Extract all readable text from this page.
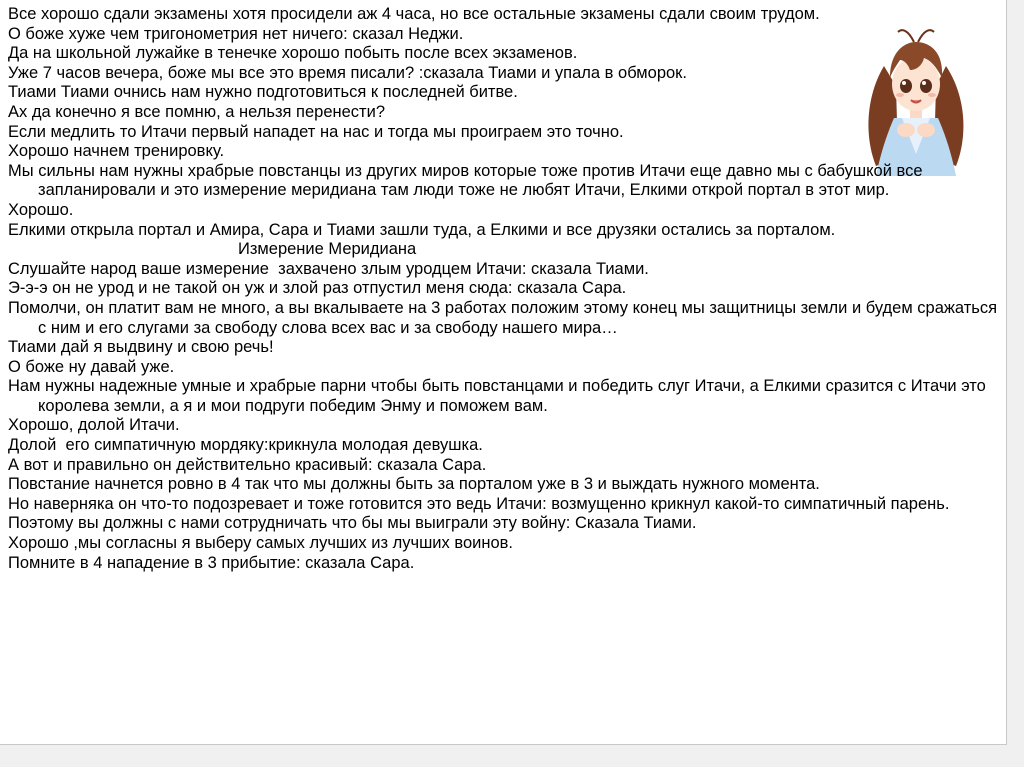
Все хорошо сдали экзамены хотя просидели аж 4 часа, но все остальные экзамены сдали своим трудом.

О боже хуже чем тригонометрия нет ничего: сказал Неджи.

Да на школьной лужайке в тенечке хорошо побыть после всех экзаменов.

Уже 7 часов вечера, боже мы все это время писали? :сказала Тиами и упала в обморок.

Тиами Тиами очнись нам нужно подготовиться к последней битве.

Ах да конечно я все помню, а нельзя перенести?

Если медлить то Итачи первый нападет на нас и тогда мы проиграем это точно.

Хорошо начнем тренировку.

Мы сильны нам нужны храбрые повстанцы из других миров которые тоже против Итачи еще давно мы с бабушкой все запланировали и это измерение меридиана там люди тоже не любят Итачи, Елкими открой портал в этот мир.

Хорошо.

Елкими открыла портал и Амира, Сара и Тиами зашли туда, а Елкими и все друзяки остались за порталом.

Измерение Меридиана

Слушайте народ ваше измерение  захвачено злым уродцем Итачи: сказала Тиами.

Э-э-э он не урод и не такой он уж и злой раз отпустил меня сюда: сказала Сара.

Помолчи, он платит вам не много, а вы вкалываете на 3 работах положим этому конец мы защитницы земли и будем сражаться с ним и его слугами за свободу слова всех вас и за свободу нашего мира…

Тиами дай я выдвину и свою речь!

О боже ну давай уже.

Нам нужны надежные умные и храбрые парни чтобы быть повстанцами и победить слуг Итачи, а Елкими сразится с Итачи это королева земли, а я и мои подруги победим Энму и поможем вам.

Хорошо, долой Итачи.

Долой  его симпатичную мордяку:крикнула молодая девушка.

А вот и правильно он действительно красивый: сказала Сара.

Повстание начнется ровно в 4 так что мы должны быть за порталом уже в 3 и выждать нужного момента.

Но наверняка он что-то подозревает и тоже готовится это ведь Итачи: возмущенно крикнул какой-то симпатичный парень.

Поэтому вы должны с нами сотрудничать что бы мы выиграли эту войну: Сказала Тиами.

Хорошо ,мы согласны я выберу самых лучших из лучших воинов.

Помните в 4 нападение в 3 прибытие: сказала Сара.
